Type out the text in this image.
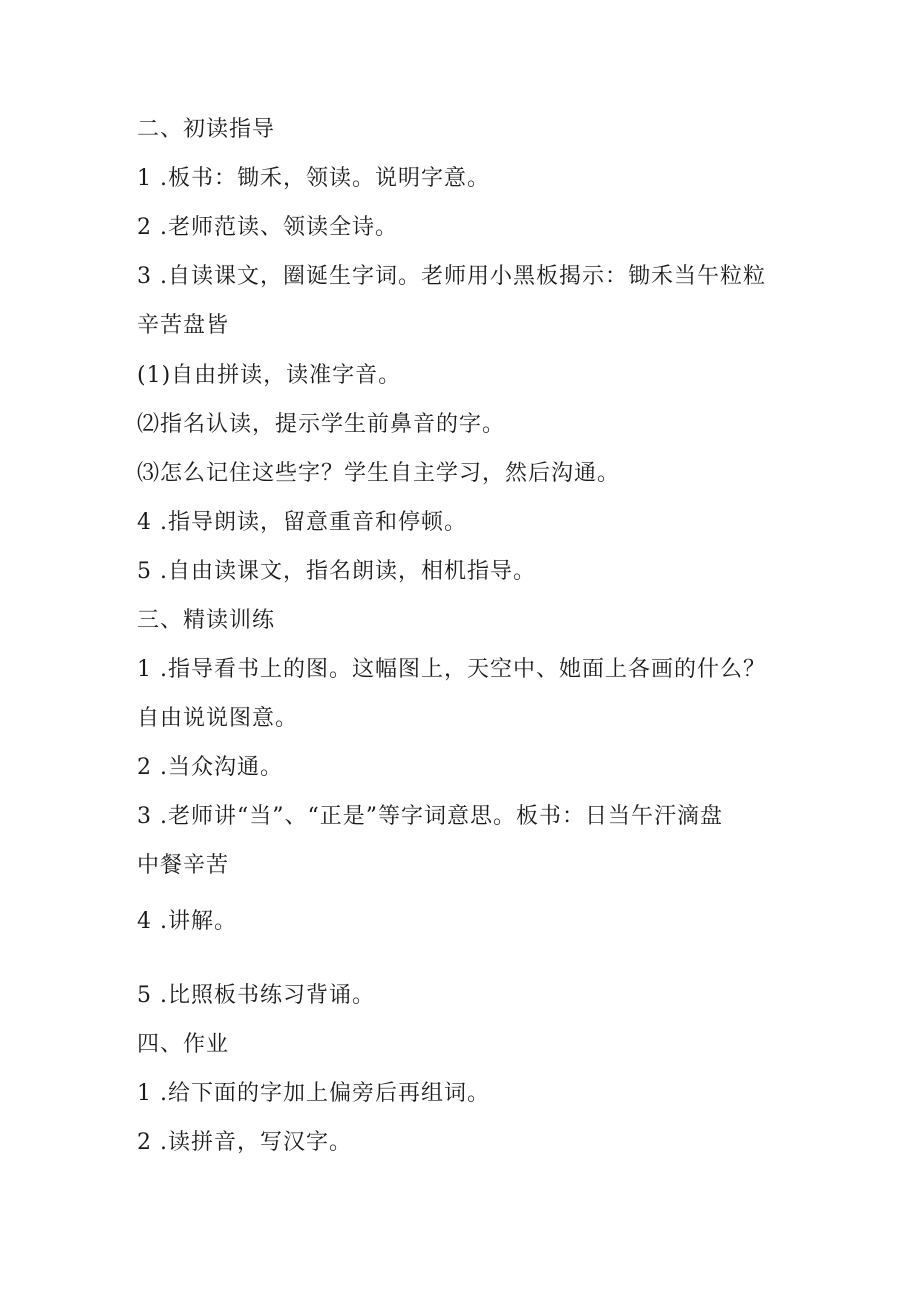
二、初读指导
1 .板书：锄禾，领读。说明字意。
2 .老师范读、领读全诗。
3 .自读课文，圈诞生字词。老师用小黑板揭示：锄禾当午粒粒
辛苦盘皆
(1)自由拼读，读准字音。
⑵指名认读，提示学生前鼻音的字。
⑶怎么记住这些字？学生自主学习，然后沟通。
4 .指导朗读，留意重音和停顿。
5 .自由读课文，指名朗读，相机指导。
三、精读训练
1 .指导看书上的图。这幅图上，天空中、她面上各画的什么？
自由说说图意。
2 .当众沟通。
3 .老师讲“当”、“正是”等字词意思。板书：日当午汗滴盘
中餐辛苦
4 .讲解。
5 .比照板书练习背诵。
四、作业
1 .给下面的字加上偏旁后再组词。
2 .读拼音，写汉字。
